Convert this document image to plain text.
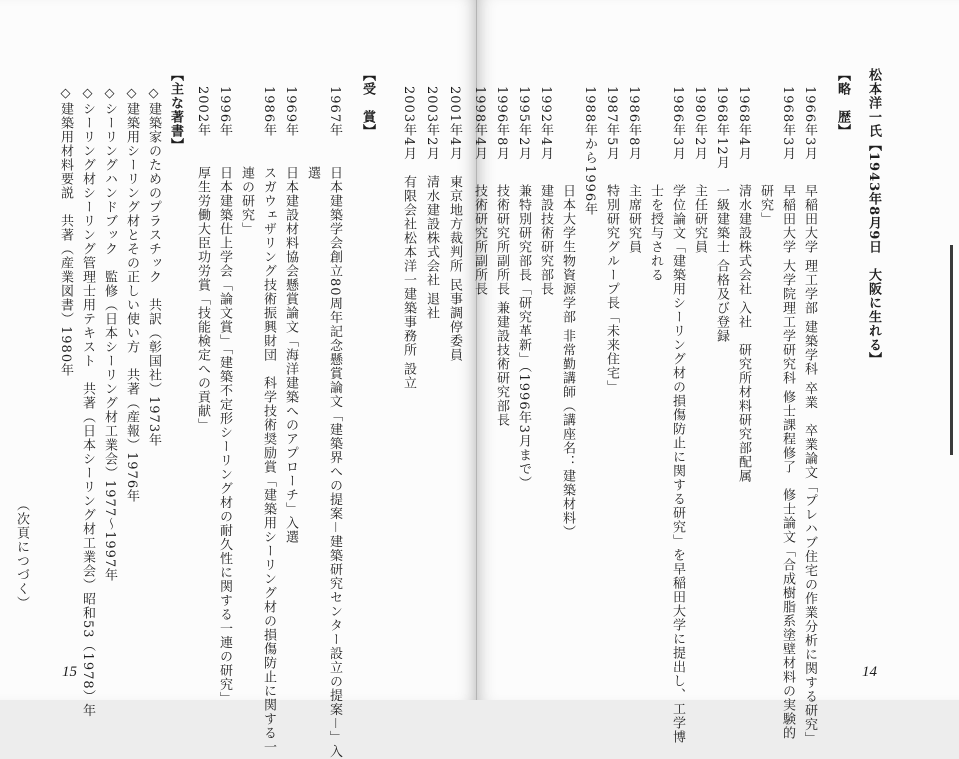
2001年4月
東京地方裁判所 民事調停委員
2003年2月
清水建設株式会社 退社
2003年4月
有限会社松本洋一建築事務所 設立
【受　賞】
1967年
日本建築学会創立80周年記念懸賞論文「建築界への提案－建築研究センター設立の提案－」入
選
1969年
日本建設材料協会懸賞論文「海洋建築へのアプローチ」入選
1986年
スガウェザリング技術振興財団　科学技術奨励賞「建築用シーリング材の損傷防止に関する一
連の研究」
1996年
日本建築仕上学会「論文賞」「建築不定形シーリング材の耐久性に関する一連の研究」
2002年
厚生労働大臣功労賞「技能検定への貢献」
【主な著書】
◇建築家のためのプラスチック　共訳（彰国社）1973年
◇建築用シーリング材とその正しい使い方　共著（産報）1976年
◇シーリングハンドブック　監修（日本シーリング材工業会）1977～1997年
◇シーリング材シーリング管理士用テキスト　共著（日本シーリング材工業会）昭和53（1978）年
◇建築用材料要説　共著（産業図書）1980年
（次頁につづく）
15
松本洋一氏【1943年8月9日　大阪に生れる】
【略　歴】
1966年3月
早稲田大学 理工学部 建築学科 卒業　卒業論文「プレハブ住宅の作業分析に関する研究」
1968年3月
早稲田大学 大学院理工学研究科 修士課程修了　修士論文「合成樹脂系塗壁材料の実験的
研究」
1968年4月
清水建設株式会社 入社　研究所材料研究部配属
1968年12月
一級建築士 合格及び登録
1980年2月
主任研究員
1986年3月
学位論文「建築用シーリング材の損傷防止に関する研究」を早稲田大学に提出し、工学博
士を授与される
1986年8月
主席研究員
1987年5月
特別研究グループ長「未来住宅」
1988年から1996年
日本大学生物資源学部 非常勤講師（講座名：建築材料）
1992年4月
建設技術研究部長
1995年2月
兼特別研究部長「研究革新」（1996年3月まで）
1996年8月
技術研究所副所長 兼建設技術研究部長
1998年4月
技術研究所副所長
14
